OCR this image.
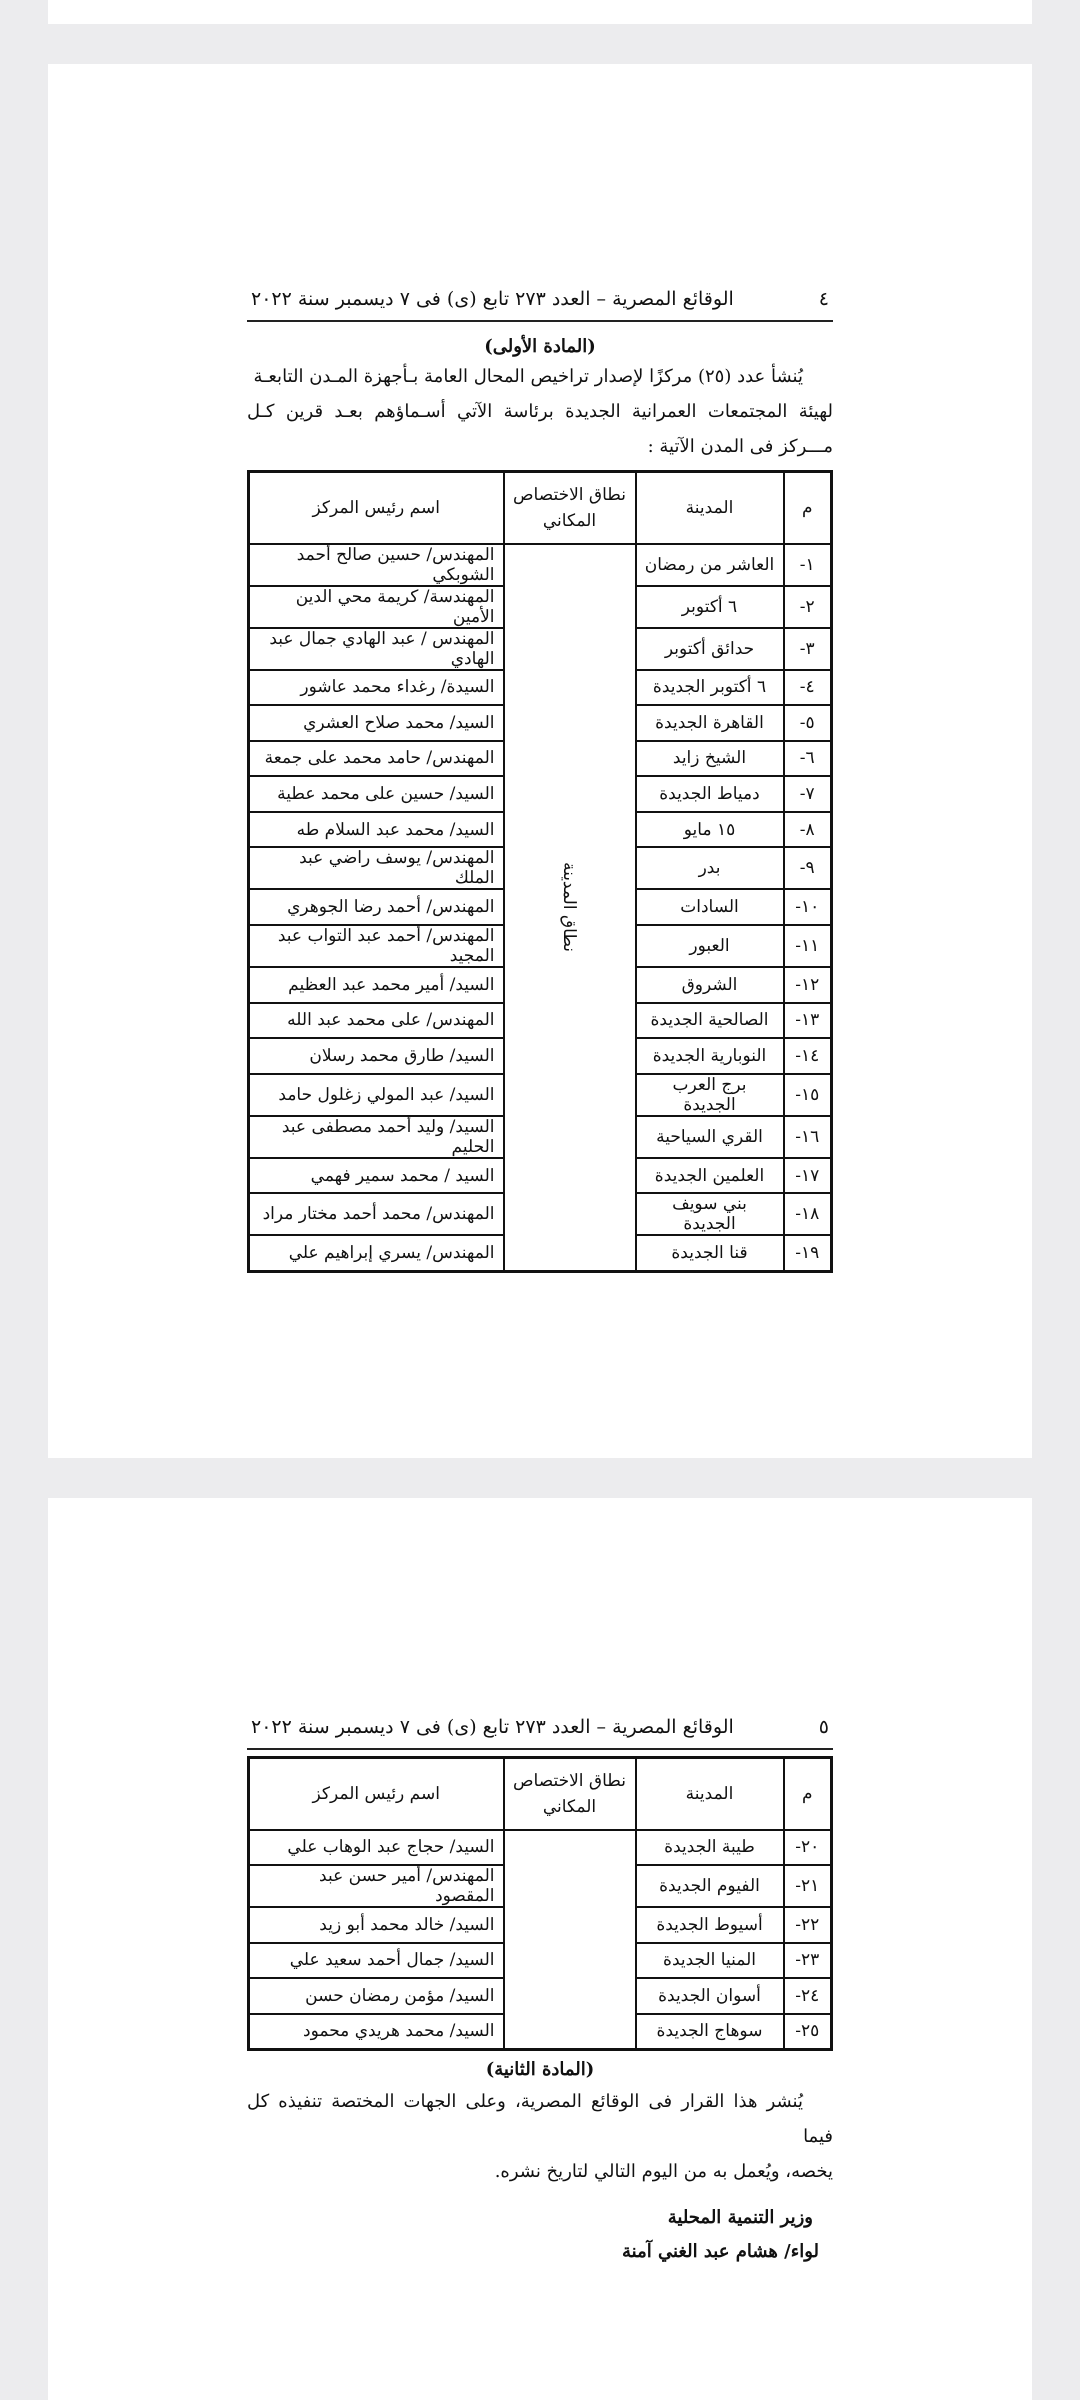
٤
الوقائع المصرية – العدد ٢٧٣ تابع (ى) فى ٧ ديسمبر سنة ٢٠٢٢
(المادة الأولى)
يُنشأ عدد (٢٥) مركزًا لإصدار تراخيص المحال العامة بـأجهزة المـدن التابعـة
لهيئة المجتمعات العمرانية الجديدة برئاسة الآتي أسـماؤهم بعـد قرين كـل مـــركز فى المدن الآتية :
م	المدينة	نطاق الاختصاص المكاني	اسم رئيس المركز
١-	العاشر من رمضان	نطاق المدينة	المهندس/ حسين صالح أحمد الشوبكي
٢-	٦ أكتوبر		المهندسة/ كريمة محي الدين الأمين
٣-	حدائق أكتوبر		المهندس / عبد الهادي جمال عبد الهادي
٤-	٦ أكتوبر الجديدة		السيدة/ رغداء محمد عاشور
٥-	القاهرة الجديدة		السيد/ محمد صلاح العشري
٦-	الشيخ زايد		المهندس/ حامد محمد على جمعة
٧-	دمياط الجديدة		السيد/ حسين على محمد عطية
٨-	١٥ مايو		السيد/ محمد عبد السلام طه
٩-	بدر		المهندس/ يوسف راضي عبد الملك
١٠-	السادات		المهندس/ أحمد رضا الجوهري
١١-	العبور		المهندس/ أحمد عبد التواب عبد المجيد
١٢-	الشروق		السيد/ أمير محمد عبد العظيم
١٣-	الصالحية الجديدة		المهندس/ على محمد عبد الله
١٤-	النوبارية الجديدة		السيد/ طارق محمد رسلان
١٥-	برج العرب الجديدة		السيد/ عبد المولي زغلول حامد
١٦-	القري السياحية		السيد/ وليد أحمد مصطفى عبد الحليم
١٧-	العلمين الجديدة		السيد / محمد سمير فهمي
١٨-	بني سويف الجديدة		المهندس/ محمد أحمد مختار مراد
١٩-	قنا الجديدة		المهندس/ يسري إبراهيم علي
٥
الوقائع المصرية – العدد ٢٧٣ تابع (ى) فى ٧ ديسمبر سنة ٢٠٢٢
م	المدينة	نطاق الاختصاص المكاني	اسم رئيس المركز
٢٠-	طيبة الجديدة		السيد/ حجاج عبد الوهاب علي
٢١-	الفيوم الجديدة		المهندس/ أمير حسن عبد المقصود
٢٢-	أسيوط الجديدة		السيد/ خالد محمد أبو زيد
٢٣-	المنيا الجديدة		السيد/ جمال أحمد سعيد علي
٢٤-	أسوان الجديدة		السيد/ مؤمن رمضان حسن
٢٥-	سوهاج الجديدة		السيد/ محمد هريدي محمود
(المادة الثانية)
يُنشر هذا القرار فى الوقائع المصرية، وعلى الجهات المختصة تنفيذه كل فيما
يخصه، ويُعمل به من اليوم التالي لتاريخ نشره.
وزير التنمية المحلية
لواء/ هشام عبد الغني آمنة
